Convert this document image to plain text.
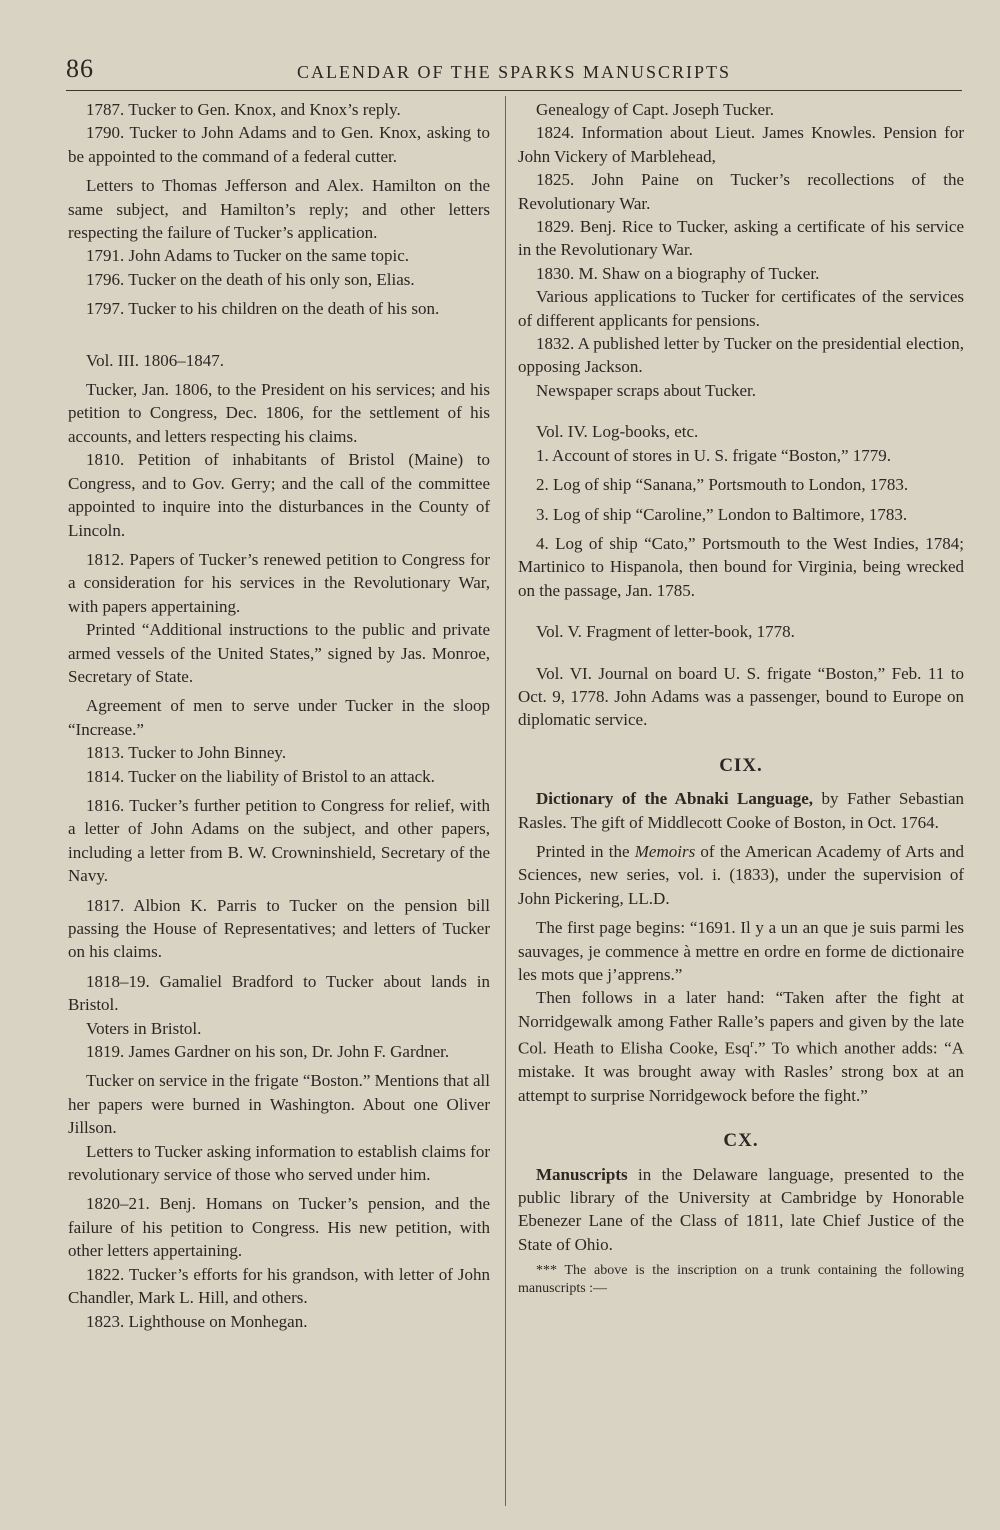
86	CALENDAR OF THE SPARKS MANUSCRIPTS

1787. Tucker to Gen. Knox, and Knox’s reply.

1790. Tucker to John Adams and to Gen. Knox, asking to be appointed to the command of a federal cutter.

Letters to Thomas Jefferson and Alex. Hamilton on the same subject, and Hamilton’s reply; and other letters respecting the failure of Tucker’s application.

1791. John Adams to Tucker on the same topic.

1796. Tucker on the death of his only son, Elias.

1797. Tucker to his children on the death of his son.

Vol. III. 1806–1847.

Tucker, Jan. 1806, to the President on his services; and his petition to Congress, Dec. 1806, for the settlement of his accounts, and letters respecting his claims.

1810. Petition of inhabitants of Bristol (Maine) to Congress, and to Gov. Gerry; and the call of the committee appointed to inquire into the disturbances in the County of Lincoln.

1812. Papers of Tucker’s renewed petition to Congress for a consideration for his services in the Revolutionary War, with papers appertaining.

Printed “Additional instructions to the public and private armed vessels of the United States,” signed by Jas. Monroe, Secretary of State.

Agreement of men to serve under Tucker in the sloop “Increase.”

1813. Tucker to John Binney.

1814. Tucker on the liability of Bristol to an attack.

1816. Tucker’s further petition to Congress for relief, with a letter of John Adams on the subject, and other papers, including a letter from B. W. Crowninshield, Secretary of the Navy.

1817. Albion K. Parris to Tucker on the pension bill passing the House of Representatives; and letters of Tucker on his claims.

1818–19. Gamaliel Bradford to Tucker about lands in Bristol.

Voters in Bristol.

1819. James Gardner on his son, Dr. John F. Gardner.

Tucker on service in the frigate “Boston.” Mentions that all her papers were burned in Washington. About one Oliver Jillson.

Letters to Tucker asking information to establish claims for revolutionary service of those who served under him.

1820–21. Benj. Homans on Tucker’s pension, and the failure of his petition to Congress. His new petition, with other letters appertaining.

1822. Tucker’s efforts for his grandson, with letter of John Chandler, Mark L. Hill, and others.

1823. Lighthouse on Monhegan.

Genealogy of Capt. Joseph Tucker.

1824. Information about Lieut. James Knowles. Pension for John Vickery of Marblehead,

1825. John Paine on Tucker’s recollections of the Revolutionary War.

1829. Benj. Rice to Tucker, asking a certificate of his service in the Revolutionary War.

1830. M. Shaw on a biography of Tucker.

Various applications to Tucker for certificates of the services of different applicants for pensions.

1832. A published letter by Tucker on the presidential election, opposing Jackson.

Newspaper scraps about Tucker.

Vol. IV. Log-books, etc.

1. Account of stores in U. S. frigate “Boston,” 1779.

2. Log of ship “Sanana,” Portsmouth to London, 1783.

3. Log of ship “Caroline,” London to Baltimore, 1783.

4. Log of ship “Cato,” Portsmouth to the West Indies, 1784; Martinico to Hispanola, then bound for Virginia, being wrecked on the passage, Jan. 1785.

Vol. V. Fragment of letter-book, 1778.

Vol. VI. Journal on board U. S. frigate “Boston,” Feb. 11 to Oct. 9, 1778. John Adams was a passenger, bound to Europe on diplomatic service.

CIX.

Dictionary of the Abnaki Language, by Father Sebastian Rasles. The gift of Middlecott Cooke of Boston, in Oct. 1764.

Printed in the Memoirs of the American Academy of Arts and Sciences, new series, vol. i. (1833), under the supervision of John Pickering, LL.D.

The first page begins: “1691. Il y a un an que je suis parmi les sauvages, je commence à mettre en ordre en forme de dictionaire les mots que j’apprens.”

Then follows in a later hand: “Taken after the fight at Norridgewalk among Father Ralle’s papers and given by the late Col. Heath to Elisha Cooke, Esq$^r$.” To which another adds: “A mistake. It was brought away with Rasles’ strong box at an attempt to surprise Norridgewock before the fight.”

CX.

Manuscripts in the Delaware language, presented to the public library of the University at Cambridge by Honorable Ebenezer Lane of the Class of 1811, late Chief Justice of the State of Ohio.

*** The above is the inscription on a trunk containing the following manuscripts :—
